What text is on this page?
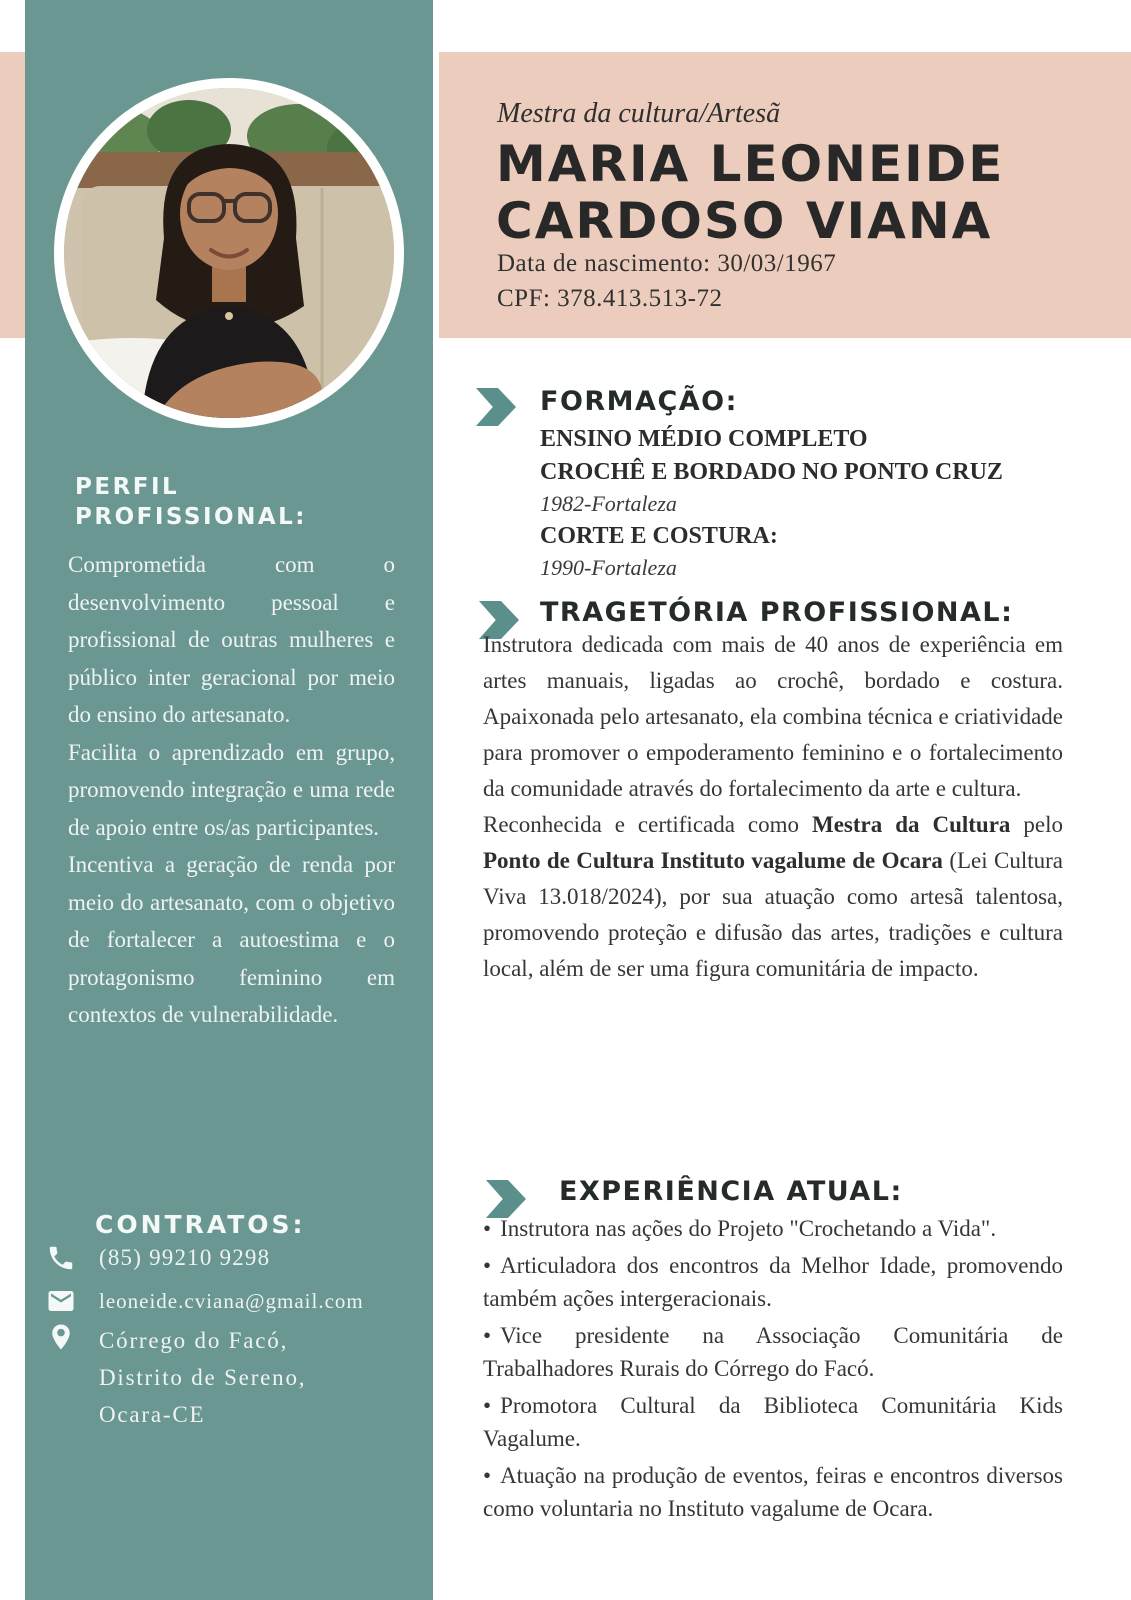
PERFIL
PROFISSIONAL:

Comprometida com o desenvolvimento pessoal e profissional de outras mulheres e público inter geracional por meio do ensino do artesanato.

Facilita o aprendizado em grupo, promovendo integração e uma rede de apoio entre os/as participantes.

Incentiva a geração de renda por meio do artesanato, com o objetivo de fortalecer a autoestima e o protagonismo feminino em contextos de vulnerabilidade.

CONTRATOS:
(85) 99210 9298
leoneide.cviana@gmail.com
Córrego do Facó,
Distrito de Sereno,
Ocara-CE

Mestra da cultura/Artesã

MARIA LEONEIDE
CARDOSO VIANA

Data de nascimento: 30/03/1967

CPF: 378.413.513-72

FORMAÇÃO:

ENSINO MÉDIO COMPLETO

CROCHÊ E BORDADO NO PONTO CRUZ

1982-Fortaleza

CORTE E COSTURA:

1990-Fortaleza

TRAGETÓRIA PROFISSIONAL:

Instrutora dedicada com mais de 40 anos de experiência em artes manuais, ligadas ao crochê, bordado e costura. Apaixonada pelo artesanato, ela combina técnica e criatividade para promover o empoderamento feminino e o fortalecimento da comunidade através do fortalecimento da arte e cultura.

Reconhecida e certificada como Mestra da Cultura pelo Ponto de Cultura Instituto vagalume de Ocara (Lei Cultura Viva 13.018/2024), por sua atuação como artesã talentosa, promovendo proteção e difusão das artes, tradições e cultura local, além de ser uma figura comunitária de impacto.

EXPERIÊNCIA ATUAL:

• Instrutora nas ações do Projeto "Crochetando a Vida".

• Articuladora dos encontros da Melhor Idade, promovendo também ações intergeracionais.

• Vice presidente na Associação Comunitária de Trabalhadores Rurais do Córrego do Facó.

• Promotora Cultural da Biblioteca Comunitária Kids Vagalume.

• Atuação na produção de eventos, feiras e encontros diversos como voluntaria no Instituto vagalume de Ocara.
